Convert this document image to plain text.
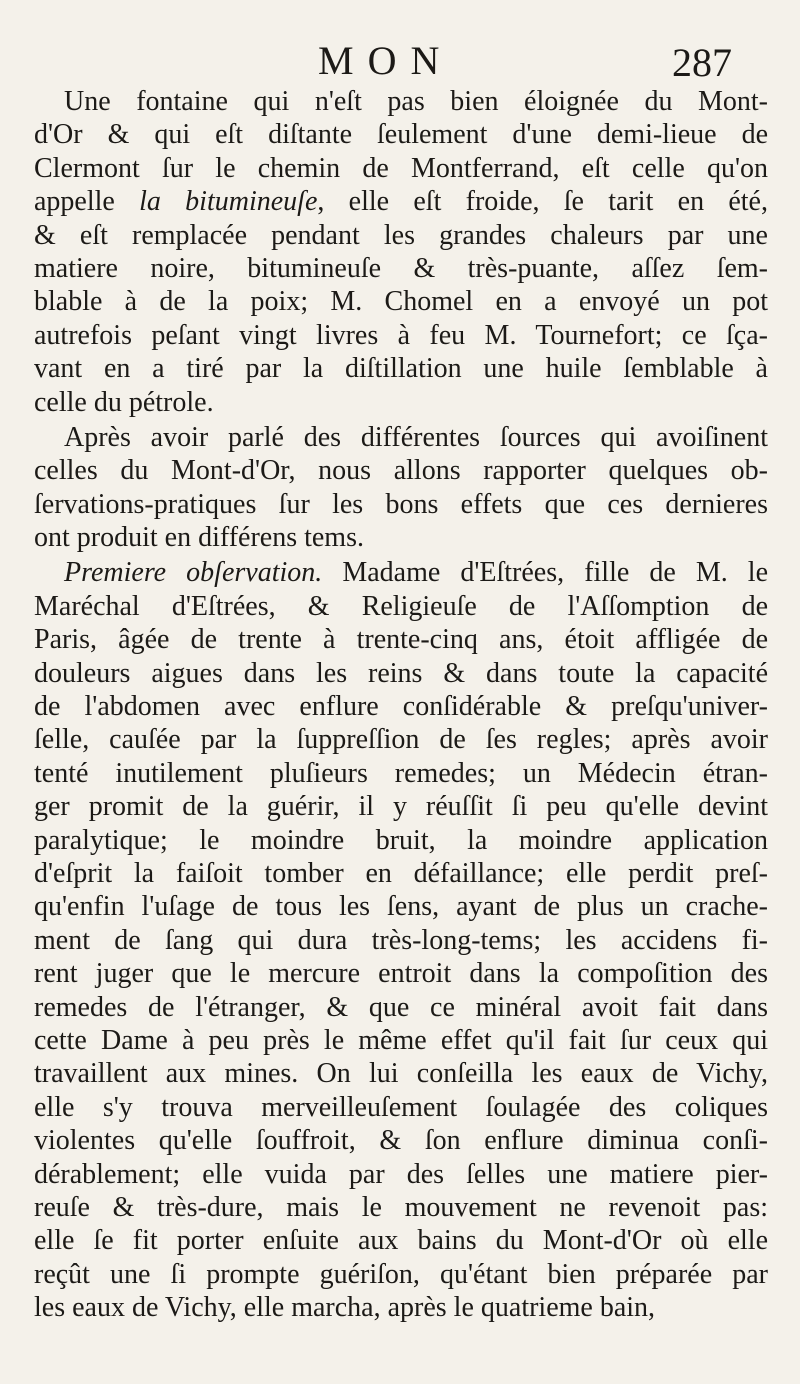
MON	287
Une fontaine qui n'eſt pas bien éloignée du Mont-
d'Or & qui eſt diſtante ſeulement d'une demi-lieue de
Clermont ſur le chemin de Montferrand, eſt celle qu'on
appelle la bitumineuſe, elle eſt froide, ſe tarit en été,
& eſt remplacée pendant les grandes chaleurs par une
matiere noire, bitumineuſe & très-puante, aſſez ſem-
blable à de la poix; M. Chomel en a envoyé un pot
autrefois peſant vingt livres à feu M. Tournefort; ce ſça-
vant en a tiré par la diſtillation une huile ſemblable à
celle du pétrole.
Après avoir parlé des différentes ſources qui avoiſinent
celles du Mont-d'Or, nous allons rapporter quelques ob-
ſervations-pratiques ſur les bons effets que ces dernieres
ont produit en différens tems.
Premiere obſervation. Madame d'Eſtrées, fille de M. le
Maréchal d'Eſtrées, & Religieuſe de l'Aſſomption de
Paris, âgée de trente à trente-cinq ans, étoit affligée de
douleurs aigues dans les reins & dans toute la capacité
de l'abdomen avec enflure conſidérable & preſqu'univer-
ſelle, cauſée par la ſuppreſſion de ſes regles; après avoir
tenté inutilement pluſieurs remedes; un Médecin étran-
ger promit de la guérir, il y réuſſit ſi peu qu'elle devint
paralytique; le moindre bruit, la moindre application
d'eſprit la faiſoit tomber en défaillance; elle perdit preſ-
qu'enfin l'uſage de tous les ſens, ayant de plus un crache-
ment de ſang qui dura très-long-tems; les accidens fi-
rent juger que le mercure entroit dans la compoſition des
remedes de l'étranger, & que ce minéral avoit fait dans
cette Dame à peu près le même effet qu'il fait ſur ceux qui
travaillent aux mines. On lui conſeilla les eaux de Vichy,
elle s'y trouva merveilleuſement ſoulagée des coliques
violentes qu'elle ſouffroit, & ſon enflure diminua conſi-
dérablement; elle vuida par des ſelles une matiere pier-
reuſe & très-dure, mais le mouvement ne revenoit pas:
elle ſe fit porter enſuite aux bains du Mont-d'Or où elle
reçût une ſi prompte guériſon, qu'étant bien préparée par
les eaux de Vichy, elle marcha, après le quatrieme bain,
